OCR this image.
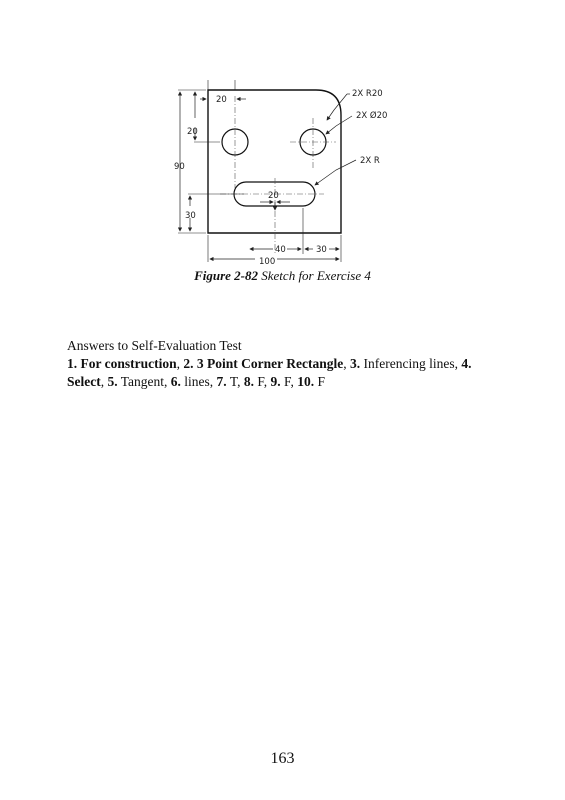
20
20
90
20
30
40	30
100
2X R20
2X Ø20
2X R
Figure 2-82 Sketch for Exercise 4
Answers to Self-Evaluation Test
1. For construction, 2. 3 Point Corner Rectangle, 3. Inferencing lines, 4. Select, 5. Tangent, 6. lines, 7. T, 8. F, 9. F, 10. F
163
